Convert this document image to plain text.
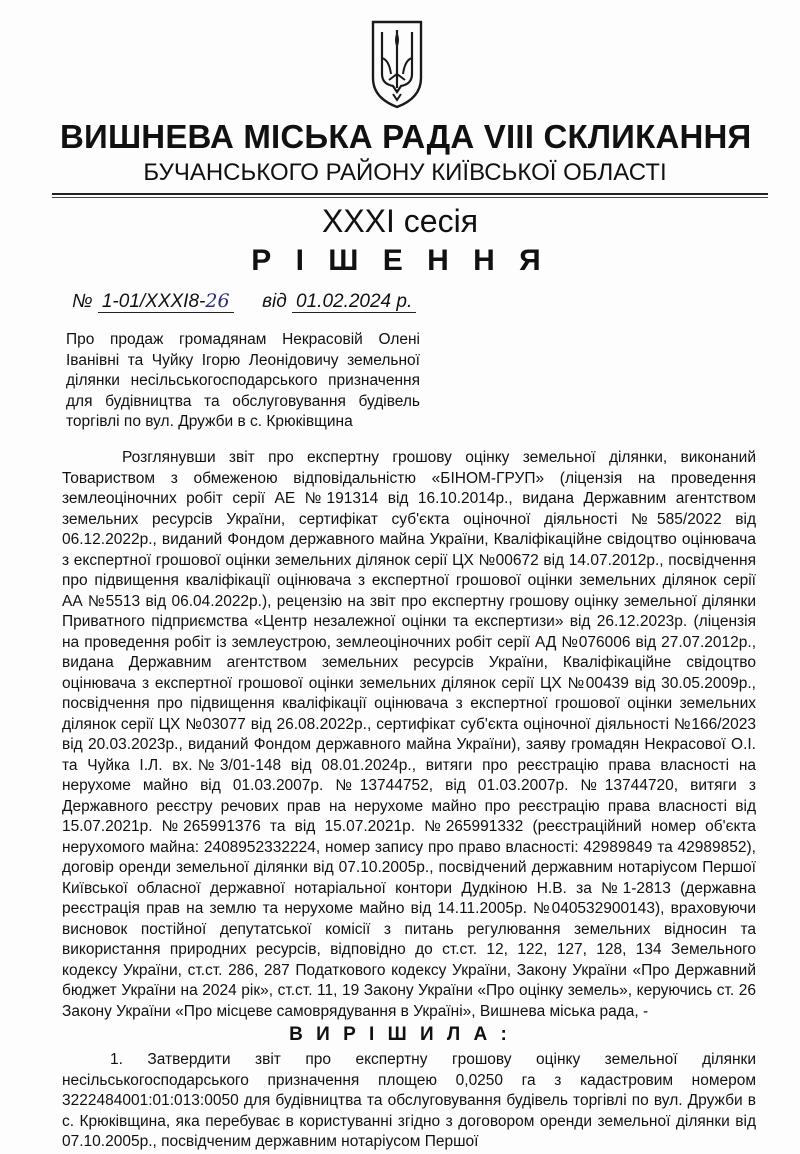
ВИШНЕВА МІСЬКА РАДА VIII СКЛИКАННЯ
БУЧАНСЬКОГО РАЙОНУ КИЇВСЬКОЇ ОБЛАСТІ
XXXI сесія
Р І Ш Е Н Н Я
№ 1-01/XXXI8-26 від 01.02.2024 р.
Про продаж громадянам Некрасовій Олені Іванівні та Чуйку Ігорю Леонідовичу земельної ділянки несільськогосподарського призначення для будівництва та обслуговування будівель торгівлі по вул. Дружби в с. Крюківщина
Розглянувши звіт про експертну грошову оцінку земельної ділянки, виконаний Товариством з обмеженою відповідальністю «БІНОМ-ГРУП» (ліцензія на проведення землеоціночних робіт серії АЕ №191314 від 16.10.2014р., видана Державним агентством земельних ресурсів України, сертифікат суб'єкта оціночної діяльності №585/2022 від 06.12.2022р., виданий Фондом державного майна України, Кваліфікаційне свідоцтво оцінювача з експертної грошової оцінки земельних ділянок серії ЦХ №00672 від 14.07.2012р., посвідчення про підвищення кваліфікації оцінювача з експертної грошової оцінки земельних ділянок серії АА №5513 від 06.04.2022р.), рецензію на звіт про експертну грошову оцінку земельної ділянки Приватного підприємства «Центр незалежної оцінки та експертизи» від 26.12.2023р. (ліцензія на проведення робіт із землеустрою, землеоціночних робіт серії АД №076006 від 27.07.2012р., видана Державним агентством земельних ресурсів України, Кваліфікаційне свідоцтво оцінювача з експертної грошової оцінки земельних ділянок серії ЦХ №00439 від 30.05.2009р., посвідчення про підвищення кваліфікації оцінювача з експертної грошової оцінки земельних ділянок серії ЦХ №03077 від 26.08.2022р., сертифікат суб'єкта оціночної діяльності №166/2023 від 20.03.2023р., виданий Фондом державного майна України), заяву громадян Некрасової О.І. та Чуйка І.Л. вх.№3/01-148 від 08.01.2024р., витяги про реєстрацію права власності на нерухоме майно від 01.03.2007р. №13744752, від 01.03.2007р. №13744720, витяги з Державного реєстру речових прав на нерухоме майно про реєстрацію права власності від 15.07.2021р. №265991376 та від 15.07.2021р. №265991332 (реєстраційний номер об'єкта нерухомого майна: 2408952332224, номер запису про право власності: 42989849 та 42989852), договір оренди земельної ділянки від 07.10.2005р., посвідчений державним нотаріусом Першої Київської обласної державної нотаріальної контори Дудкіною Н.В. за №1-2813 (державна реєстрація прав на землю та нерухоме майно від 14.11.2005р. №040532900143), враховуючи висновок постійної депутатської комісії з питань регулювання земельних відносин та використання природних ресурсів, відповідно до ст.ст. 12, 122, 127, 128, 134 Земельного кодексу України, ст.ст. 286, 287 Податкового кодексу України, Закону України «Про Державний бюджет України на 2024 рік», ст.ст. 11, 19 Закону України «Про оцінку земель», керуючись ст. 26 Закону України «Про місцеве самоврядування в Україні», Вишнева міська рада, -
В И Р І Ш И Л А :
1. Затвердити звіт про експертну грошову оцінку земельної ділянки несільськогосподарського призначення площею 0,0250 га з кадастровим номером 3222484001:01:013:0050 для будівництва та обслуговування будівель торгівлі по вул. Дружби в с. Крюківщина, яка перебуває в користуванні згідно з договором оренди земельної ділянки від 07.10.2005р., посвідченим державним нотаріусом Першої
